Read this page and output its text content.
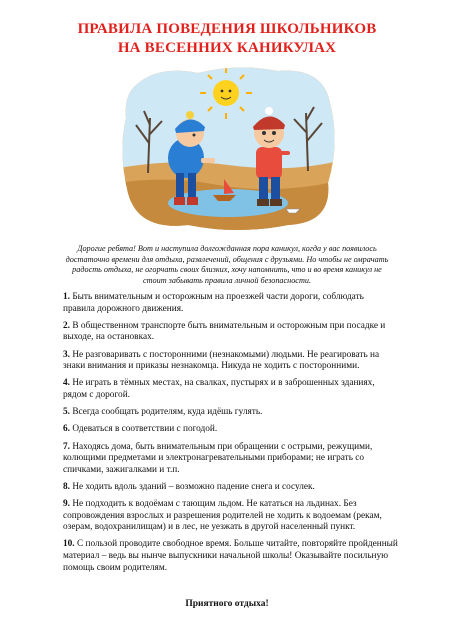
ПРАВИЛА ПОВЕДЕНИЯ ШКОЛЬНИКОВ
НА ВЕСЕННИХ КАНИКУЛАХ
Дорогие ребята! Вот и наступила долгожданная пора каникул, когда у вас появилось достаточно времени для отдыха, развлечений, общения с друзьями. Но чтобы не омрачать радость отдыха, не огорчать своих близких, хочу напомнить, что и во время каникул не стоит забывать правила личной безопасности.
1. Быть внимательным и осторожным на проезжей части дороги, соблюдать правила дорожного движения.
2. В общественном транспорте быть внимательным и осторожным при посадке и выходе, на остановках.
3. Не разговаривать с посторонними (незнакомыми) людьми. Не реагировать на знаки внимания и приказы незнакомца. Никуда не ходить с посторонними.
4. Не играть в тёмных местах, на свалках, пустырях и в заброшенных зданиях, рядом с дорогой.
5. Всегда сообщать родителям, куда идёшь гулять.
6. Одеваться в соответствии с погодой.
7. Находясь дома, быть внимательным при обращении с острыми, режущими, колющими предметами и электронагревательными приборами; не играть со спичками, зажигалками и т.п.
8. Не ходить вдоль зданий – возможно падение снега и сосулек.
9. Не подходить к водоёмам с тающим льдом. Не кататься на льдинах. Без сопровождения взрослых и разрешения родителей не ходить к водоемам (рекам, озерам, водохранилищам) и в лес, не уезжать в другой населенный пункт.
10. С пользой проводите свободное время. Больше читайте, повторяйте пройденный материал – ведь вы нынче выпускники начальной школы! Оказывайте посильную помощь своим родителям.
Приятного отдыха!
